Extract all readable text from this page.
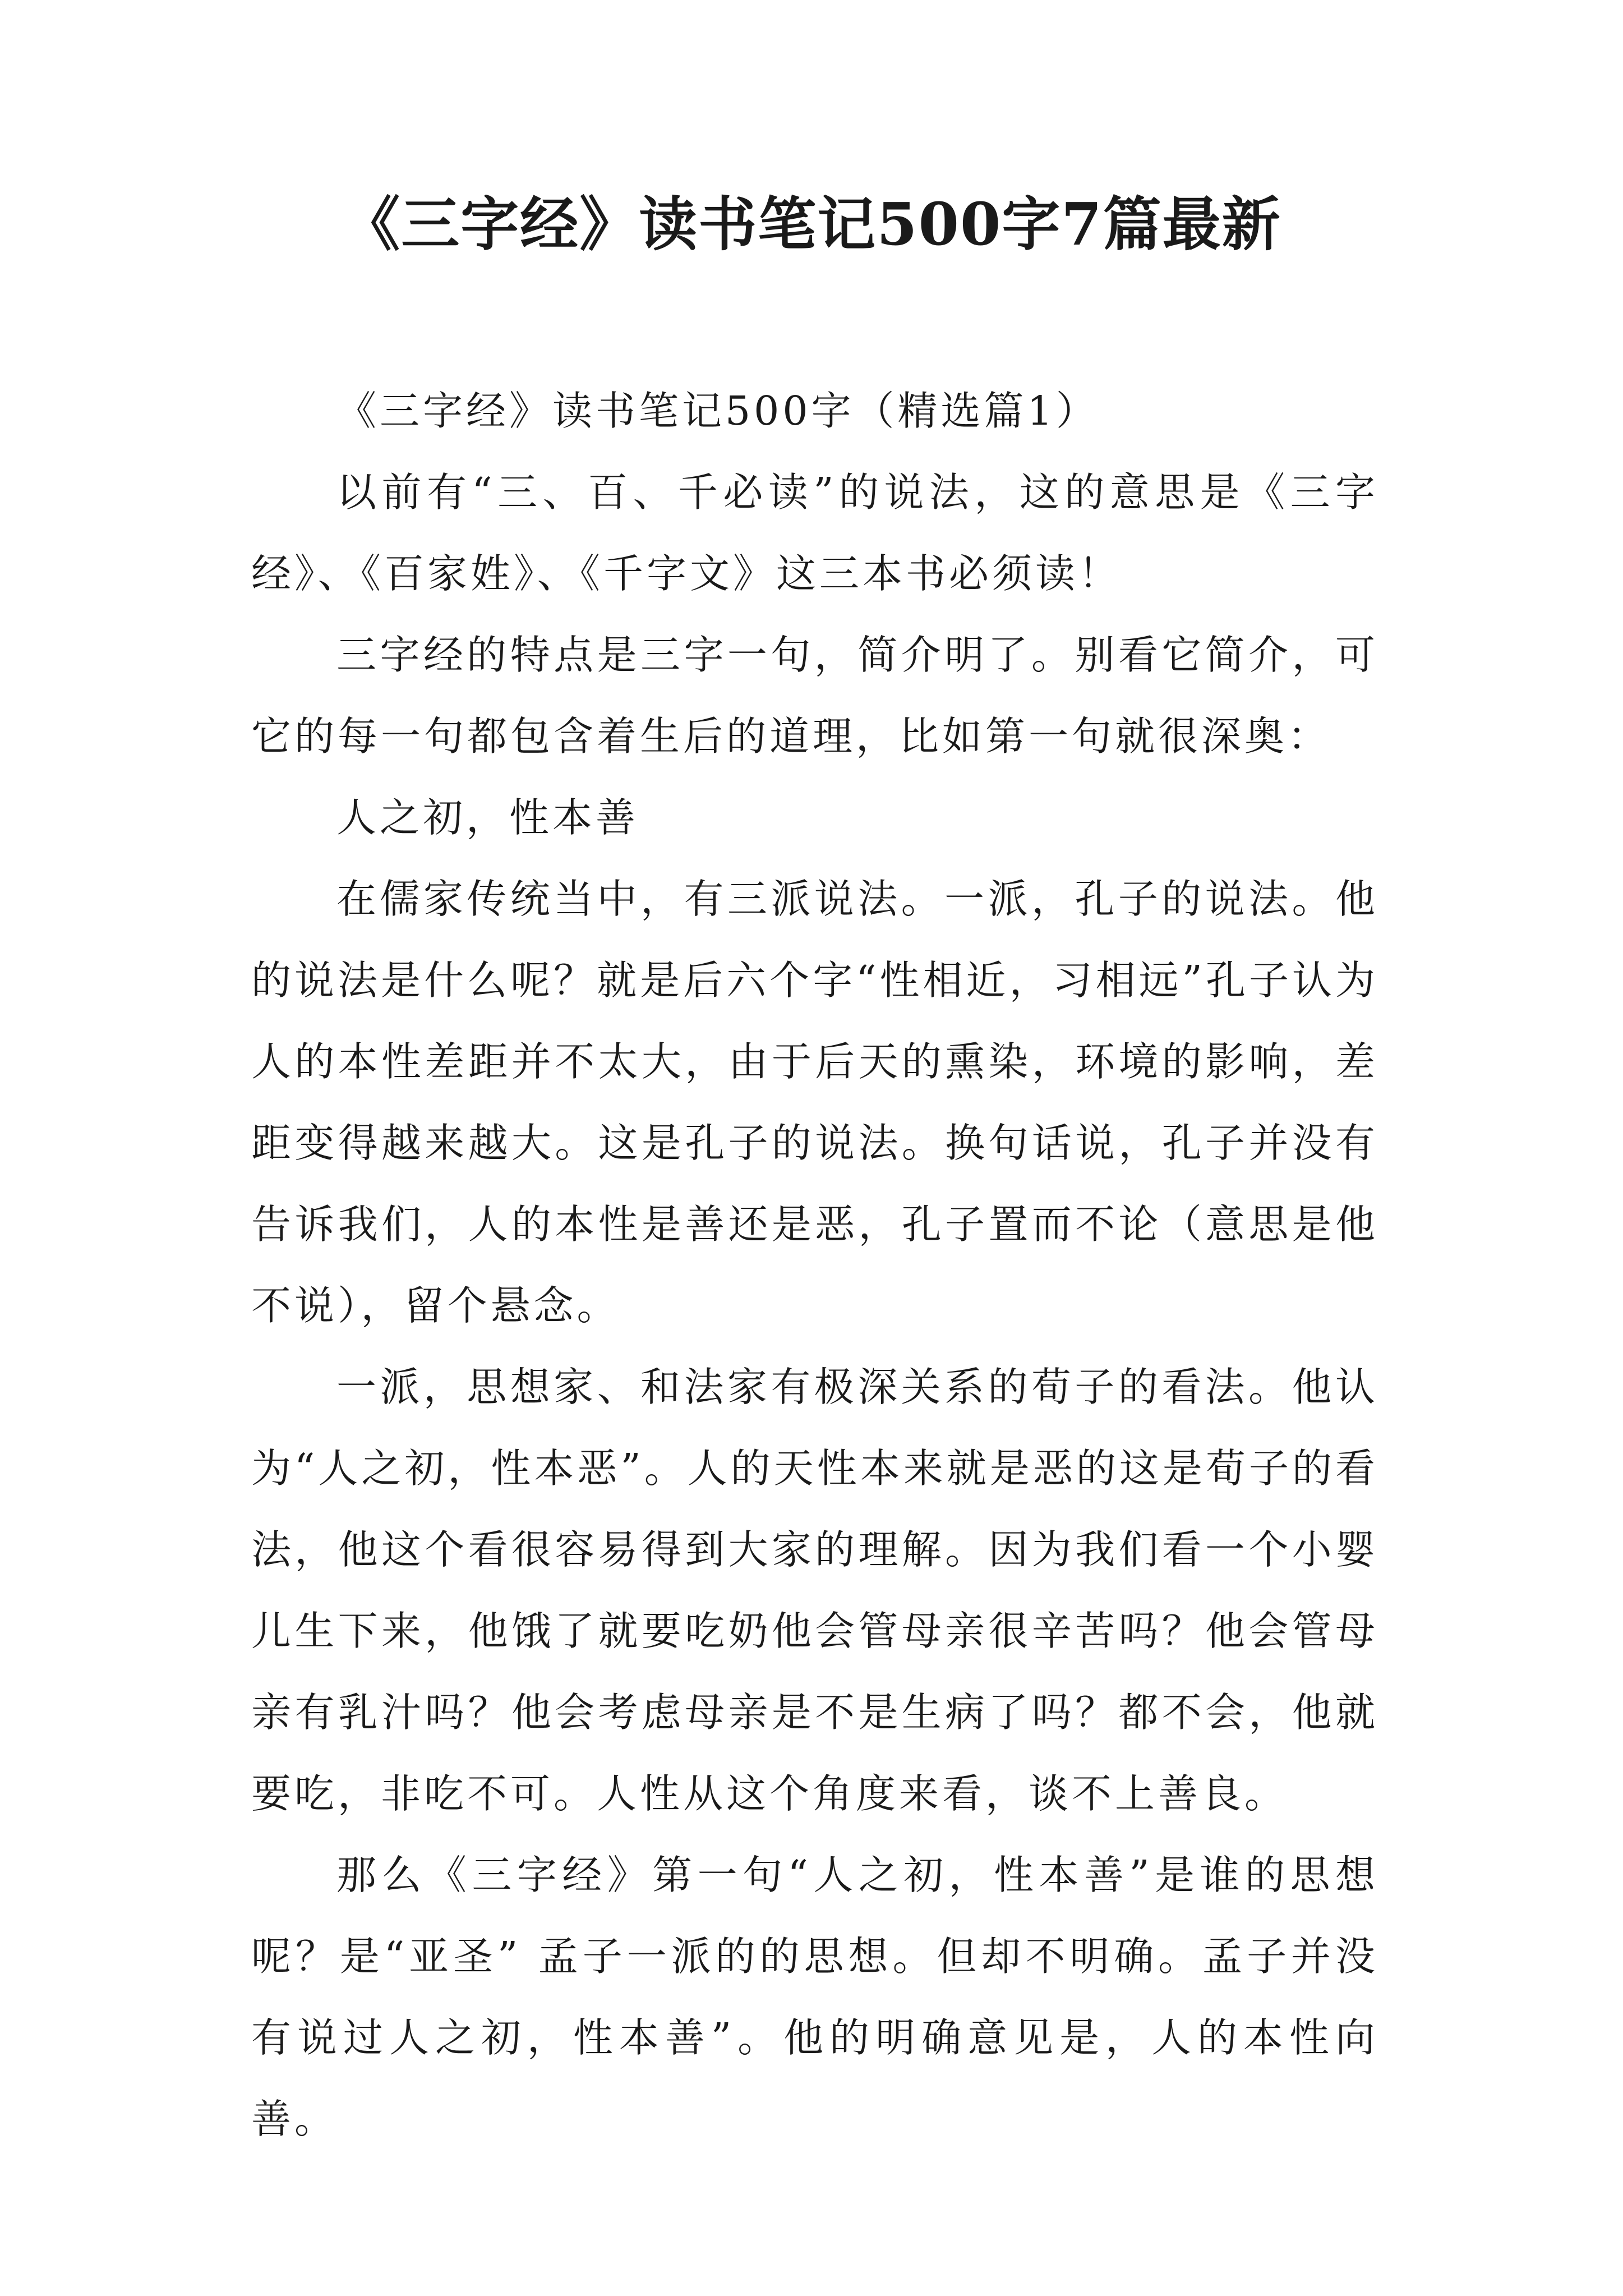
《三字经》读书笔记500字7篇最新

《三字经》读书笔记500字（精选篇1）

以前有“三、百、千必读”的说法，这的意思是《三字经》、《百家姓》、《千字文》这三本书必须读！

三字经的特点是三字一句，简介明了。别看它简介，可它的每一句都包含着生后的道理，比如第一句就很深奥：

人之初，性本善

在儒家传统当中，有三派说法。一派，孔子的说法。他的说法是什么呢？就是后六个字“性相近，习相远”孔子认为人的本性差距并不太大，由于后天的熏染，环境的影响，差距变得越来越大。这是孔子的说法。换句话说，孔子并没有告诉我们，人的本性是善还是恶，孔子置而不论（意思是他不说），留个悬念。

一派，思想家、和法家有极深关系的荀子的看法。他认为“人之初，性本恶”。人的天性本来就是恶的这是荀子的看法，他这个看很容易得到大家的理解。因为我们看一个小婴儿生下来，他饿了就要吃奶他会管母亲很辛苦吗？他会管母亲有乳汁吗？他会考虑母亲是不是生病了吗？都不会，他就要吃，非吃不可。人性从这个角度来看，谈不上善良。

那么《三字经》第一句“人之初，性本善”是谁的思想呢？是“亚圣” 孟子一派的的思想。但却不明确。孟子并没有说过人之初，性本善”。他的明确意见是，人的本性向善。
